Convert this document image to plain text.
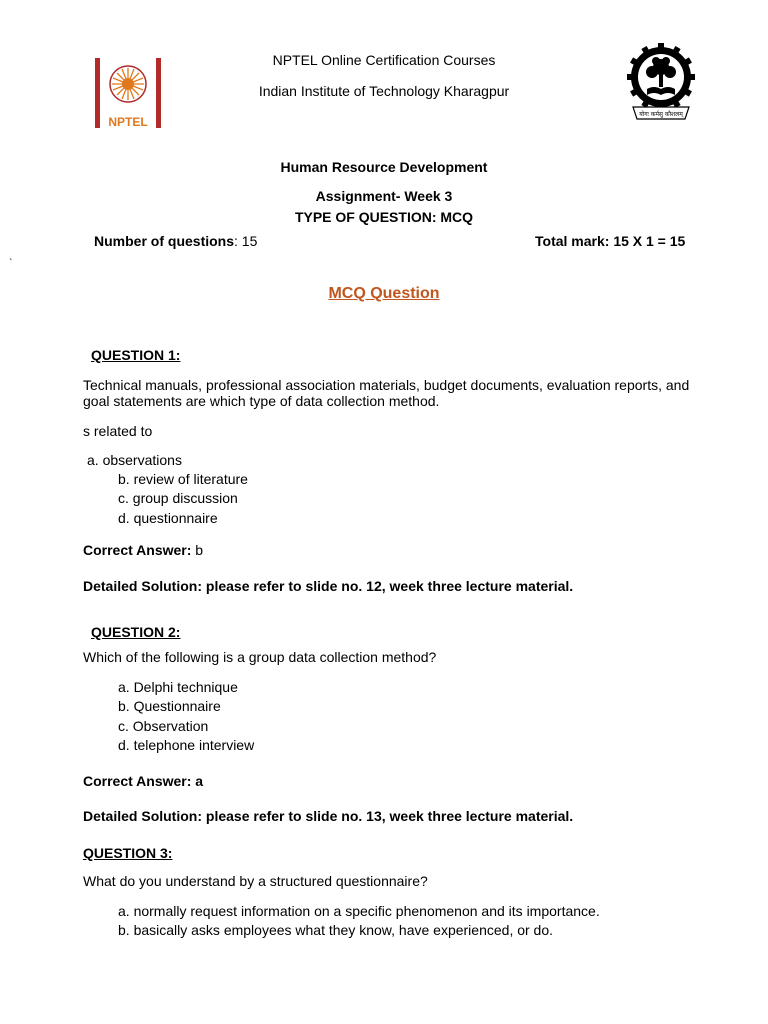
NPTEL
योगः कर्मसु कौशलम्
NPTEL Online Certification Courses
Indian Institute of Technology Kharagpur
Human Resource Development
Assignment- Week 3
TYPE OF QUESTION: MCQ
Number of questions: 15	Total mark: 15 X 1 = 15
`
MCQ Question
QUESTION 1:
Technical manuals, professional association materials, budget documents, evaluation reports, and
goal statements are which type of data collection method.
s related to
a. observations
b. review of literature
c. group discussion
d. questionnaire
Correct Answer: b
Detailed Solution: please refer to slide no. 12, week three lecture material.
QUESTION 2:
Which of the following is a group data collection method?
a. Delphi technique
b. Questionnaire
c. Observation
d. telephone interview
Correct Answer: a
Detailed Solution: please refer to slide no. 13, week three lecture material.
QUESTION 3:
What do you understand by a structured questionnaire?
a. normally request information on a specific phenomenon and its importance.
b. basically asks employees what they know, have experienced, or do.
